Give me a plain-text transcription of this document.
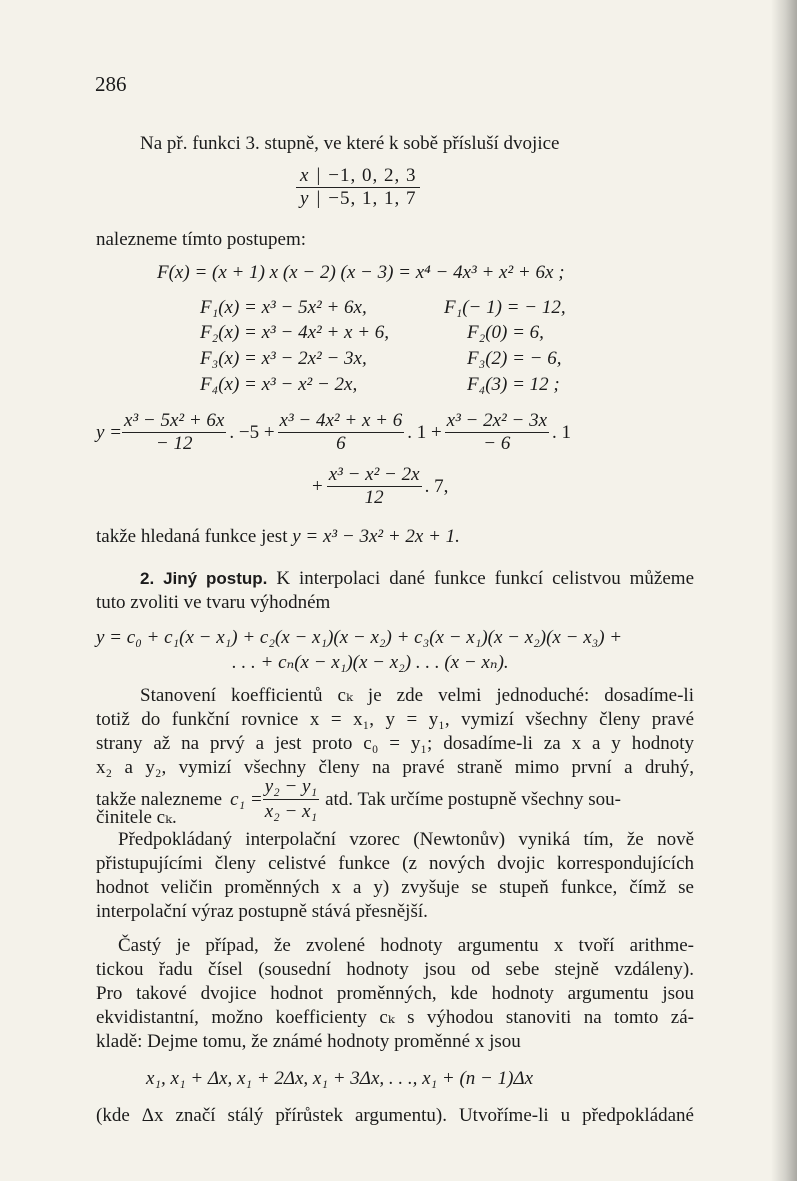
286
Na př. funkci 3. stupně, ve které k sobě přísluší dvojice
x	|	−1, 0, 2, 3
y	|	−5, 1, 1, 7
nalezneme tímto postupem:
F(x) = (x + 1) x (x − 2) (x − 3) = x⁴ − 4x³ + x² + 6x ;
F₁(x) = x³ − 5x² + 6x,	F₁(− 1) = − 12,
F₂(x) = x³ − 4x² + x + 6,	F₂(0) = 6,
F₃(x) = x³ − 2x² − 3x,	F₃(2) = − 6,
F₄(x) = x³ − x² − 2x,	F₄(3) = 12 ;
$y = \frac{\text{x³ − 5x² + 6x}}{- 12}$ . $-5 + \frac{\text{x³ − 4x² + x + 6}}{6}$ . $1 + \frac{\text{x³ − 2x² − 3x}}{- 6}$ . 1
+ $\frac{\text{x³ − x² − 2x}}{12}$ . 7,
takže hledaná funkce jest y = x³ − 3x² + 2x + 1.
2. Jiný postup. K interpolaci dané funkce funkcí celistvou můžeme
tuto zvoliti ve tvaru výhodném
y = c₀ + c₁(x − x₁) + c₂(x − x₁)(x − x₂) + c₃(x − x₁)(x − x₂)(x − x₃) +
. . . + cₙ(x − x₁)(x − x₂) . . . (x − xₙ).
Stanovení koefficientů cₖ je zde velmi jednoduché: dosadíme-li
totiž do funkční rovnice x = x₁, y = y₁, vymizí všechny členy pravé
strany až na prvý a jest proto c₀ = y₁; dosadíme-li za x a y hodnoty
x₂ a y₂, vymizí všechny členy na pravé straně mimo první a druhý,
takže nalezneme $c_1 = \frac{\text{y₂ − y₁}}{\text{x₂ − x₁}}$ atd. Tak určíme postupně všechny sou-
činitele cₖ.
Předpokládaný interpolační vzorec (Newtonův) vyniká tím, že nově
přistupujícími členy celistvé funkce (z nových dvojic korrespondujících
hodnot veličin proměnných x a y) zvyšuje se stupeň funkce, čímž se
interpolační výraz postupně stává přesnější.
Častý je případ, že zvolené hodnoty argumentu x tvoří arithme-
tickou řadu čísel (sousední hodnoty jsou od sebe stejně vzdáleny).
Pro takové dvojice hodnot proměnných, kde hodnoty argumentu jsou
ekvidistantní, možno koefficienty cₖ s výhodou stanoviti na tomto zá-
kladě: Dejme tomu, že známé hodnoty proměnné x jsou
x₁, x₁ + Δx, x₁ + 2Δx, x₁ + 3Δx, . . ., x₁ + (n − 1)Δx
(kde Δx značí stálý přírůstek argumentu). Utvoříme-li u předpokládané
